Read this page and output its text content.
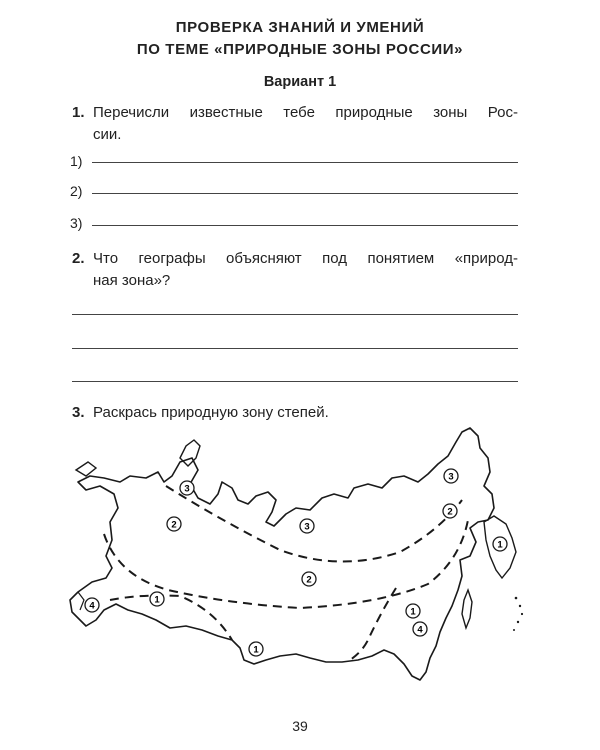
ПРОВЕРКА ЗНАНИЙ И УМЕНИЙ
ПО ТЕМЕ «ПРИРОДНЫЕ ЗОНЫ РОССИИ»
Вариант 1
1. Перечисли известные тебе природные зоны Рос-
сии.
1)
2)
3)
2. Что географы объясняют под понятием «природ-
ная зона»?
3. Раскрась природную зону степей.
3
2	3
2
1
4
1
1
3
2
1
4
39
